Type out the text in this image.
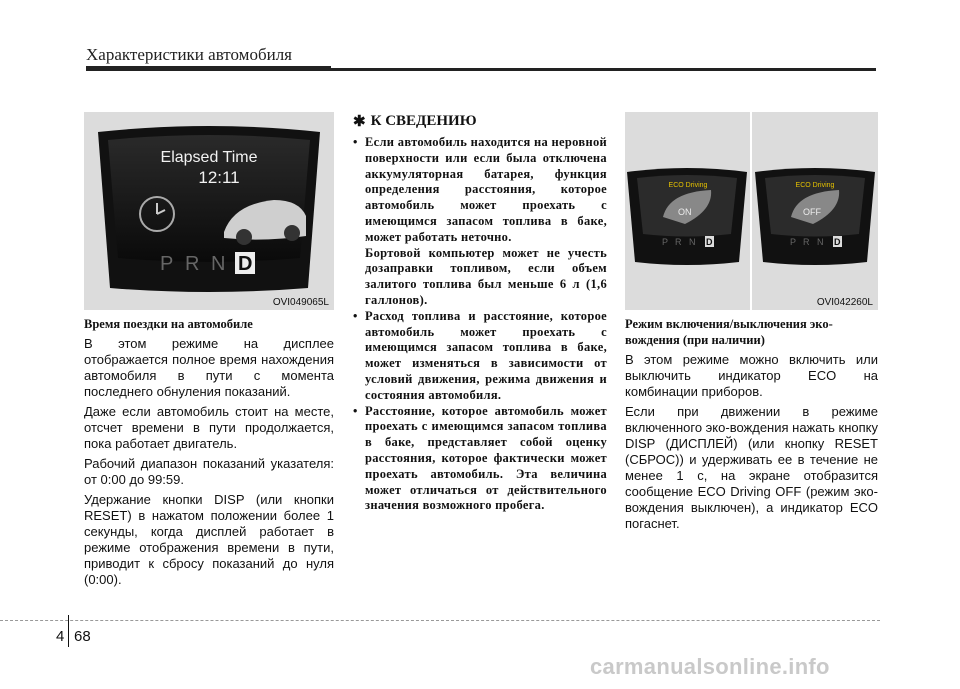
Характеристики автомобиля
P R N D
Elapsed Time
12:11
OVI049065L
Время поездки на автомобиле

В этом режиме на дисплее отображается полное время нахождения автомобиля в пути с момента последнего обнуления показаний.

Даже если автомобиль стоит на месте, отсчет времени в пути продолжается, пока работает двигатель.

Рабочий диапазон показаний указателя: от 0:00 до 99:59.

Удержание кнопки DISP (или кнопки RESET) в нажатом положении более 1 секунды, когда дисплей работает в режиме отображения времени в пути, приводит к сбросу показаний до нуля (0:00).

✱ К СВЕДЕНИЮ
• Если автомобиль находится на неровной поверхности или если была отключена аккумуляторная батарея, функция определения расстояния, которое автомобиль может проехать с имеющимся запасом топлива в баке, может работать неточно.
Бортовой компьютер может не учесть дозаправки топливом, если объем залитого топлива был меньше 6 л (1,6 галлонов).
• Расход топлива и расстояние, которое автомобиль может проехать с имеющимся запасом топлива в баке, может изменяться в зависимости от условий движения, режима движения и состояния автомобиля.
• Расстояние, которое автомобиль может проехать с имеющимся запасом топлива в баке, представляет собой оценку расстояния, которое фактически может проехать автомобиль. Эта величина может отличаться от действительного значения возможного пробега.
P R N D	P R N D
ECO Driving	ECO Driving
ON	OFF
OVI042260L
Режим включения/выключения эко-вождения (при наличии)

В этом режиме можно включить или выключить индикатор ECO на комбинации приборов.

Если при движении в режиме включенного эко-вождения нажать кнопку DISP (ДИСПЛЕЙ) (или кнопку RESET (СБРОС)) и удерживать ее в течение не менее 1 с, на экране отобразится сообщение ECO Driving OFF (режим эко-вождения выключен), а индикатор ECO погаснет.

4 68
carmanualsonline.info
